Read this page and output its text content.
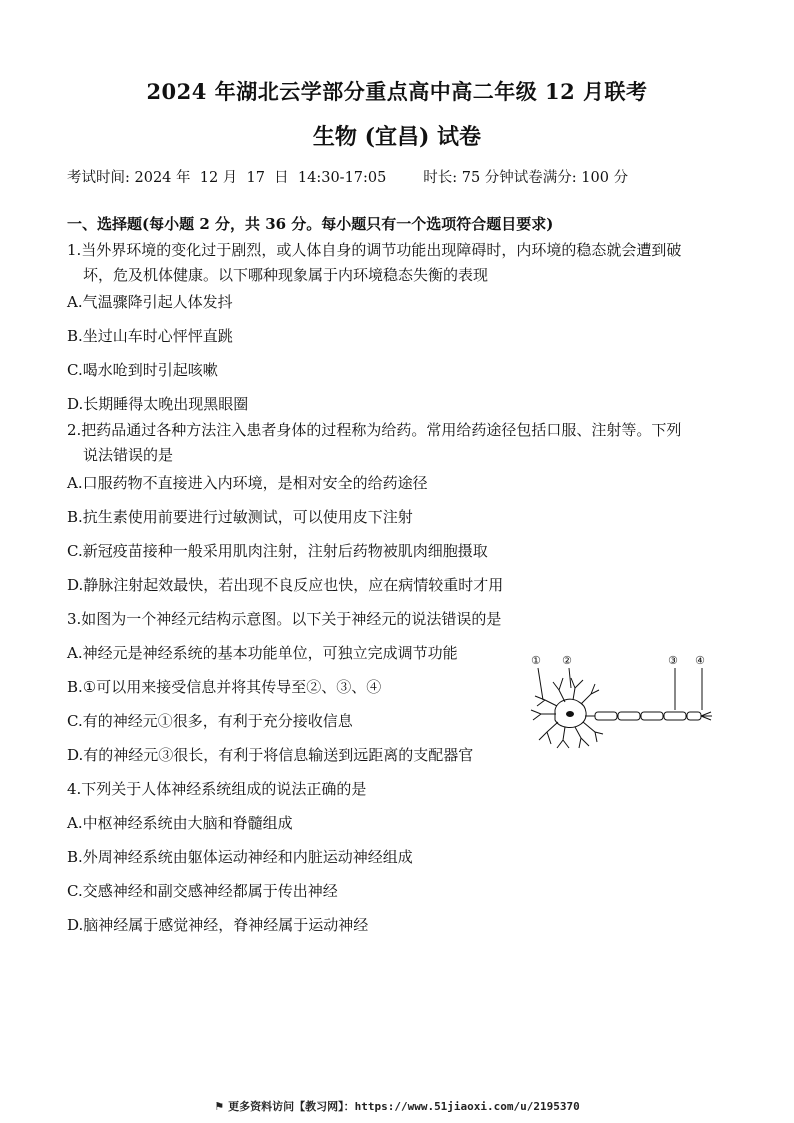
2024 年湖北云学部分重点高中高二年级 12 月联考
生物 (宜昌) 试卷
考试时间: 2024 年  12 月  17  日  14:30-17:05        时长: 75 分钟试卷满分: 100 分
一、选择题(每小题 2 分，共 36 分。每小题只有一个选项符合题目要求)
1.当外界环境的变化过于剧烈，或人体自身的调节功能出现障碍时，内环境的稳态就会遭到破
坏，危及机体健康。以下哪种现象属于内环境稳态失衡的表现
A.气温骤降引起人体发抖
B.坐过山车时心怦怦直跳
C.喝水呛到时引起咳嗽
D.长期睡得太晚出现黑眼圈
2.把药品通过各种方法注入患者身体的过程称为给药。常用给药途径包括口服、注射等。下列
说法错误的是
A.口服药物不直接进入内环境，是相对安全的给药途径
B.抗生素使用前要进行过敏测试，可以使用皮下注射
C.新冠疫苗接种一般采用肌肉注射，注射后药物被肌肉细胞摄取
D.静脉注射起效最快，若出现不良反应也快，应在病情较重时才用
3.如图为一个神经元结构示意图。以下关于神经元的说法错误的是
A.神经元是神经系统的基本功能单位，可独立完成调节功能
B.①可以用来接受信息并将其传导至②、③、④
C.有的神经元①很多，有利于充分接收信息
D.有的神经元③很长，有利于将信息输送到远距离的支配器官
① ②	③ ④
4.下列关于人体神经系统组成的说法正确的是
A.中枢神经系统由大脑和脊髓组成
B.外周神经系统由躯体运动神经和内脏运动神经组成
C.交感神经和副交感神经都属于传出神经
D.脑神经属于感觉神经，脊神经属于运动神经
⚑ 更多资料访问【教习网】：https://www.51jiaoxi.com/u/2195370
